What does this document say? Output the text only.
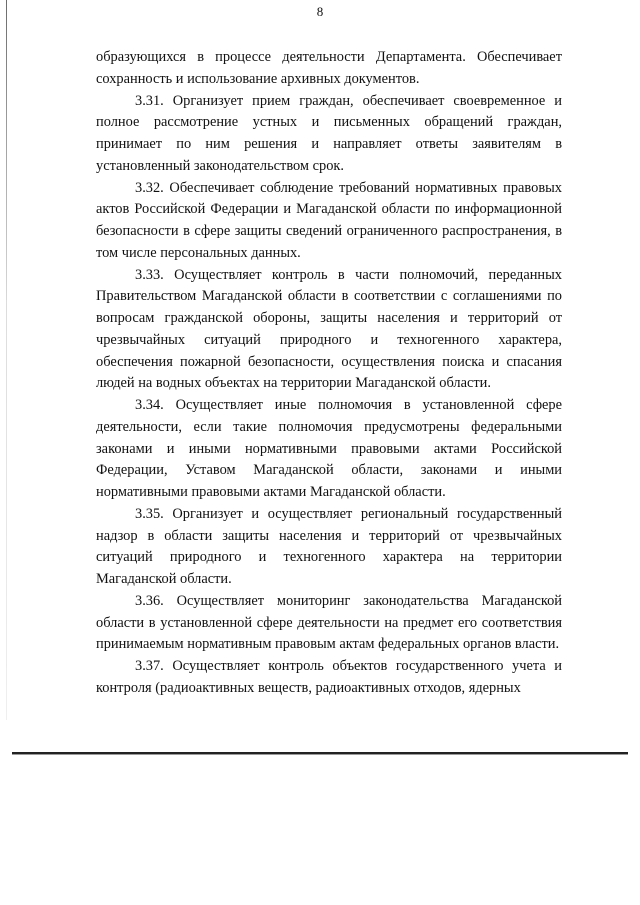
8

образующихся в процессе деятельности Департамента. Обеспечивает сохранность и использование архивных документов.

3.31. Организует прием граждан, обеспечивает своевременное и полное рассмотрение устных и письменных обращений граждан, принимает по ним решения и направляет ответы заявителям в установленный законодательством срок.

3.32. Обеспечивает соблюдение требований нормативных правовых актов Российской Федерации и Магаданской области по информационной безопасности в сфере защиты сведений ограниченного распространения, в том числе персональных данных.

3.33. Осуществляет контроль в части полномочий, переданных Правительством Магаданской области в соответствии с соглашениями по вопросам гражданской обороны, защиты населения и территорий от чрезвычайных ситуаций природного и техногенного характера, обеспечения пожарной безопасности, осуществления поиска и спасания людей на водных объектах на территории Магаданской области.

3.34. Осуществляет иные полномочия в установленной сфере деятельности, если такие полномочия предусмотрены федеральными законами и иными нормативными правовыми актами Российской Федерации, Уставом Магаданской области, законами и иными нормативными правовыми актами Магаданской области.

3.35. Организует и осуществляет региональный государственный надзор в области защиты населения и территорий от чрезвычайных ситуаций природного и техногенного характера на территории Магаданской области.

3.36. Осуществляет мониторинг законодательства Магаданской области в установленной сфере деятельности на предмет его соответствия принимаемым нормативным правовым актам федеральных органов власти.

3.37. Осуществляет контроль объектов государственного учета и контроля (радиоактивных веществ, радиоактивных отходов, ядерных
